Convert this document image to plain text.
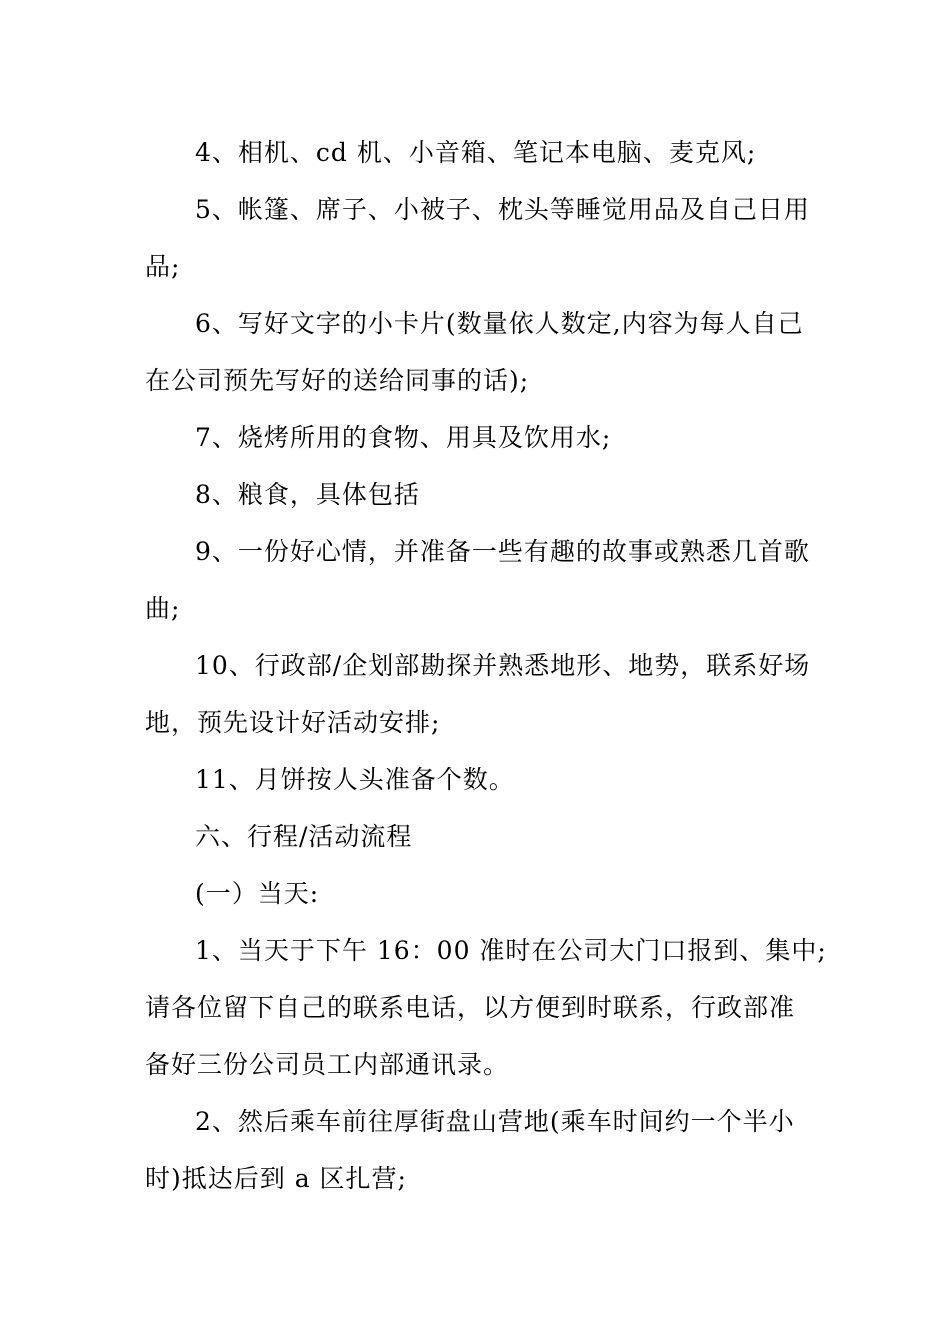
4、相机、cd 机、小音箱、笔记本电脑、麦克风;
5、帐篷、席子、小被子、枕头等睡觉用品及自己日用
品;
6、写好文字的小卡片(数量依人数定,内容为每人自己
在公司预先写好的送给同事的话);
7、烧烤所用的食物、用具及饮用水;
8、粮食，具体包括
9、一份好心情，并准备一些有趣的故事或熟悉几首歌
曲;
10、行政部/企划部勘探并熟悉地形、地势，联系好场
地，预先设计好活动安排;
11、月饼按人头准备个数。
六、行程/活动流程
(一）当天:
1、当天于下午 16：00 准时在公司大门口报到、集中;
请各位留下自己的联系电话，以方便到时联系，行政部准
备好三份公司员工内部通讯录。
2、然后乘车前往厚街盘山营地(乘车时间约一个半小
时)抵达后到 a 区扎营;
